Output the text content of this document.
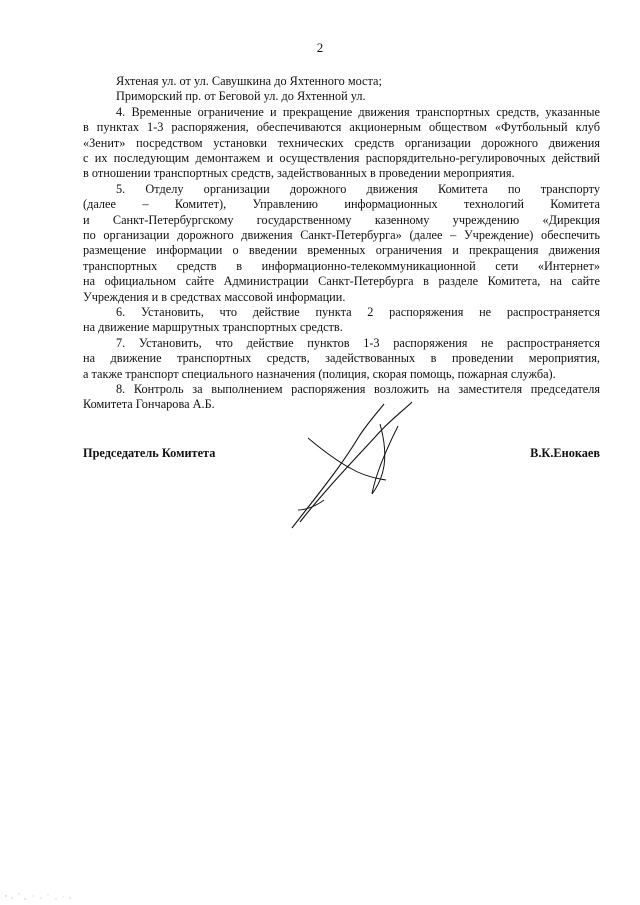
2
Яхтеная ул. от ул. Савушкина до Яхтенного моста;
Приморский пр. от Беговой ул. до Яхтенной ул.
4. Временные ограничение и прекращение движения транспортных средств, указанные
в пунктах 1-3 распоряжения, обеспечиваются акционерным обществом «Футбольный клуб
«Зенит» посредством установки технических средств организации дорожного движения
с их последующим демонтажем и осуществления распорядительно-регулировочных действий
в отношении транспортных средств, задействованных в проведении мероприятия.
5. Отделу организации дорожного движения Комитета по транспорту
(далее – Комитет), Управлению информационных технологий Комитета
и Санкт-Петербургскому государственному казенному учреждению «Дирекция
по организации дорожного движения Санкт-Петербурга» (далее – Учреждение) обеспечить
размещение информации о введении временных ограничения и прекращения движения
транспортных средств в информационно-телекоммуникационной сети «Интернет»
на официальном сайте Администрации Санкт-Петербурга в разделе Комитета, на сайте
Учреждения и в средствах массовой информации.
6. Установить, что действие пункта 2 распоряжения не распространяется
на движение маршрутных транспортных средств.
7. Установить, что действие пунктов 1-3 распоряжения не распространяется
на движение транспортных средств, задействованных в проведении мероприятия,
а также транспорт специального назначения (полиция, скорая помощь, пожарная служба).
8. Контроль за выполнением распоряжения возложить на заместителя председателя
Комитета Гончарова А.Б.
Председатель Комитета	В.К.Енокаев
